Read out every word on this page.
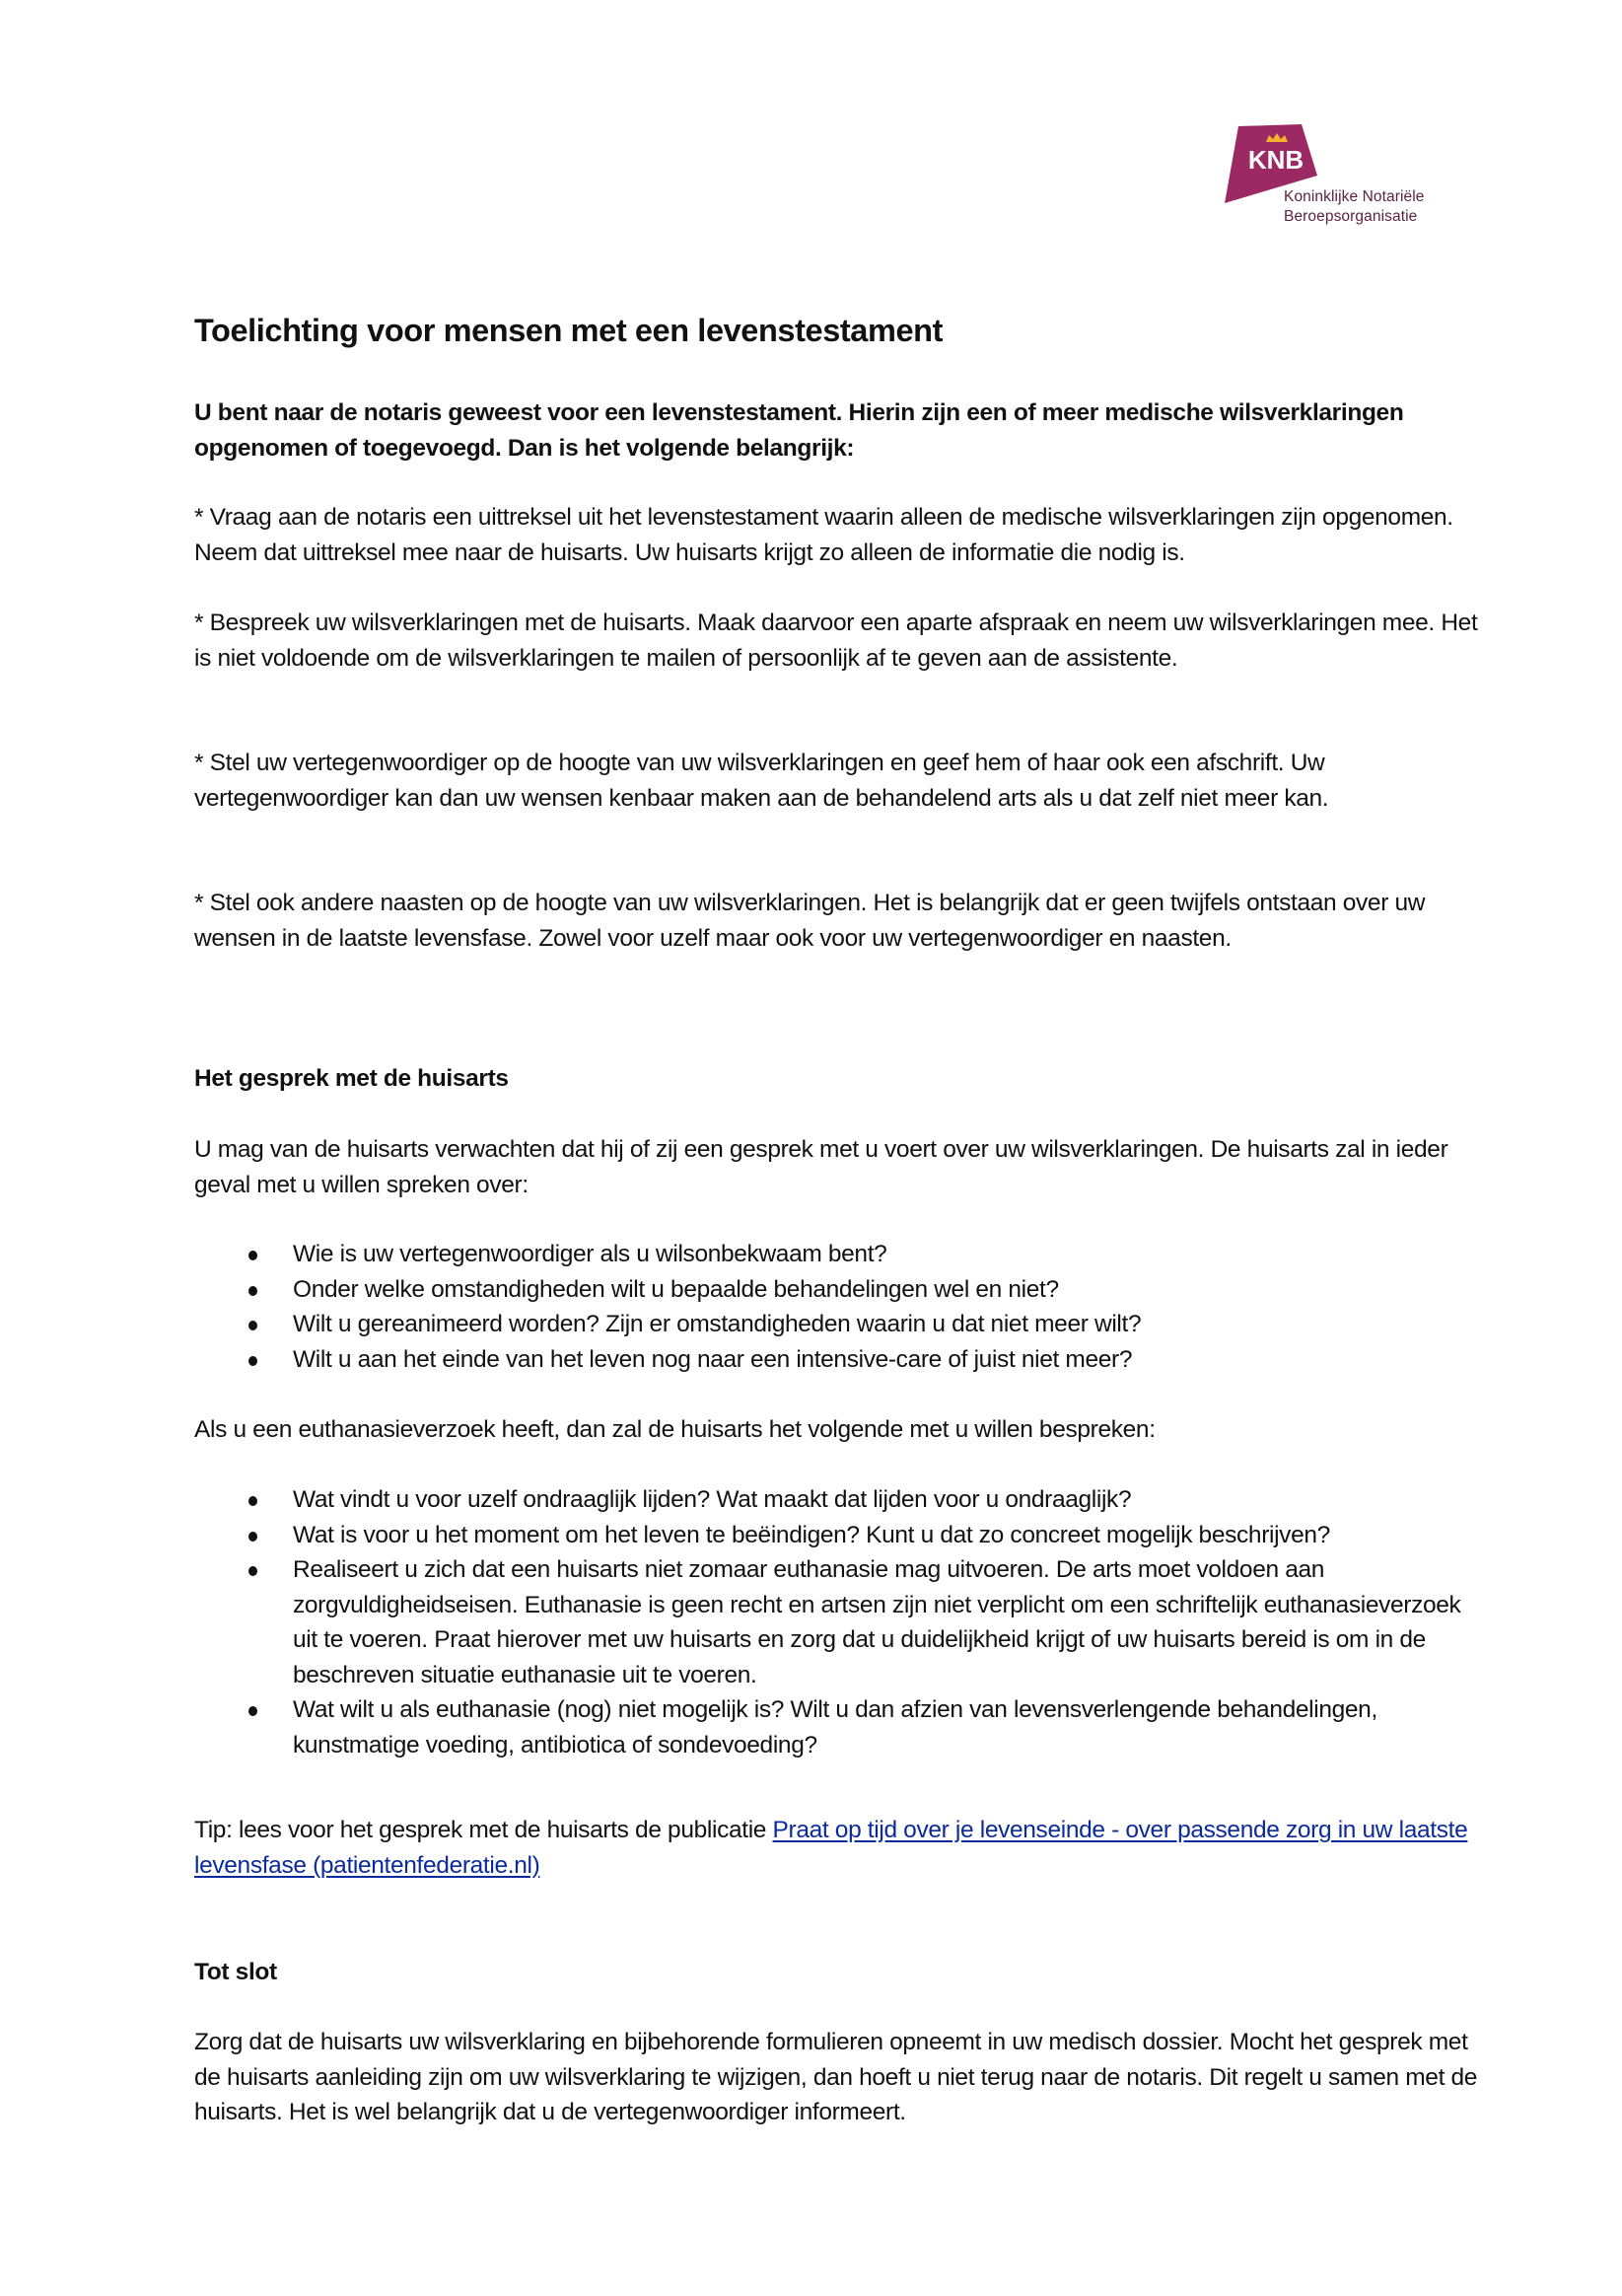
KNB
Koninklijke Notariële
Beroepsorganisatie
Toelichting voor mensen met een levenstestament

U bent naar de notaris geweest voor een levenstestament. Hierin zijn een of meer medische wilsverklaringen opgenomen of toegevoegd. Dan is het volgende belangrijk:

* Vraag aan de notaris een uittreksel uit het levenstestament waarin alleen de medische wilsverklaringen zijn opgenomen. Neem dat uittreksel mee naar de huisarts. Uw huisarts krijgt zo alleen de informatie die nodig is.

* Bespreek uw wilsverklaringen met de huisarts. Maak daarvoor een aparte afspraak en neem uw wilsverklaringen mee. Het is niet voldoende om de wilsverklaringen te mailen of persoonlijk af te geven aan de assistente.

* Stel uw vertegenwoordiger op de hoogte van uw wilsverklaringen en geef hem of haar ook een afschrift. Uw vertegenwoordiger kan dan uw wensen kenbaar maken aan de behandelend arts als u dat zelf niet meer kan.

* Stel ook andere naasten op de hoogte van uw wilsverklaringen. Het is belangrijk dat er geen twijfels ontstaan over uw wensen in de laatste levensfase. Zowel voor uzelf maar ook voor uw vertegenwoordiger en naasten.

Het gesprek met de huisarts

U mag van de huisarts verwachten dat hij of zij een gesprek met u voert over uw wilsverklaringen. De huisarts zal in ieder geval met u willen spreken over:

Wie is uw vertegenwoordiger als u wilsonbekwaam bent?
Onder welke omstandigheden wilt u bepaalde behandelingen wel en niet?
Wilt u gereanimeerd worden? Zijn er omstandigheden waarin u dat niet meer wilt?
Wilt u aan het einde van het leven nog naar een intensive-care of juist niet meer?

Als u een euthanasieverzoek heeft, dan zal de huisarts het volgende met u willen bespreken:

Wat vindt u voor uzelf ondraaglijk lijden? Wat maakt dat lijden voor u ondraaglijk?
Wat is voor u het moment om het leven te beëindigen? Kunt u dat zo concreet mogelijk beschrijven?
Realiseert u zich dat een huisarts niet zomaar euthanasie mag uitvoeren. De arts moet voldoen aan zorgvuldigheidseisen. Euthanasie is geen recht en artsen zijn niet verplicht om een schriftelijk euthanasieverzoek uit te voeren. Praat hierover met uw huisarts en zorg dat u duidelijkheid krijgt of uw huisarts bereid is om in de beschreven situatie euthanasie uit te voeren.
Wat wilt u als euthanasie (nog) niet mogelijk is? Wilt u dan afzien van levensverlengende behandelingen, kunstmatige voeding, antibiotica of sondevoeding?

Tip: lees voor het gesprek met de huisarts de publicatie Praat op tijd over je levenseinde - over passende zorg in uw laatste levensfase (patientenfederatie.nl)

Tot slot

Zorg dat de huisarts uw wilsverklaring en bijbehorende formulieren opneemt in uw medisch dossier. Mocht het gesprek met de huisarts aanleiding zijn om uw wilsverklaring te wijzigen, dan hoeft u niet terug naar de notaris. Dit regelt u samen met de huisarts. Het is wel belangrijk dat u de vertegenwoordiger informeert.
